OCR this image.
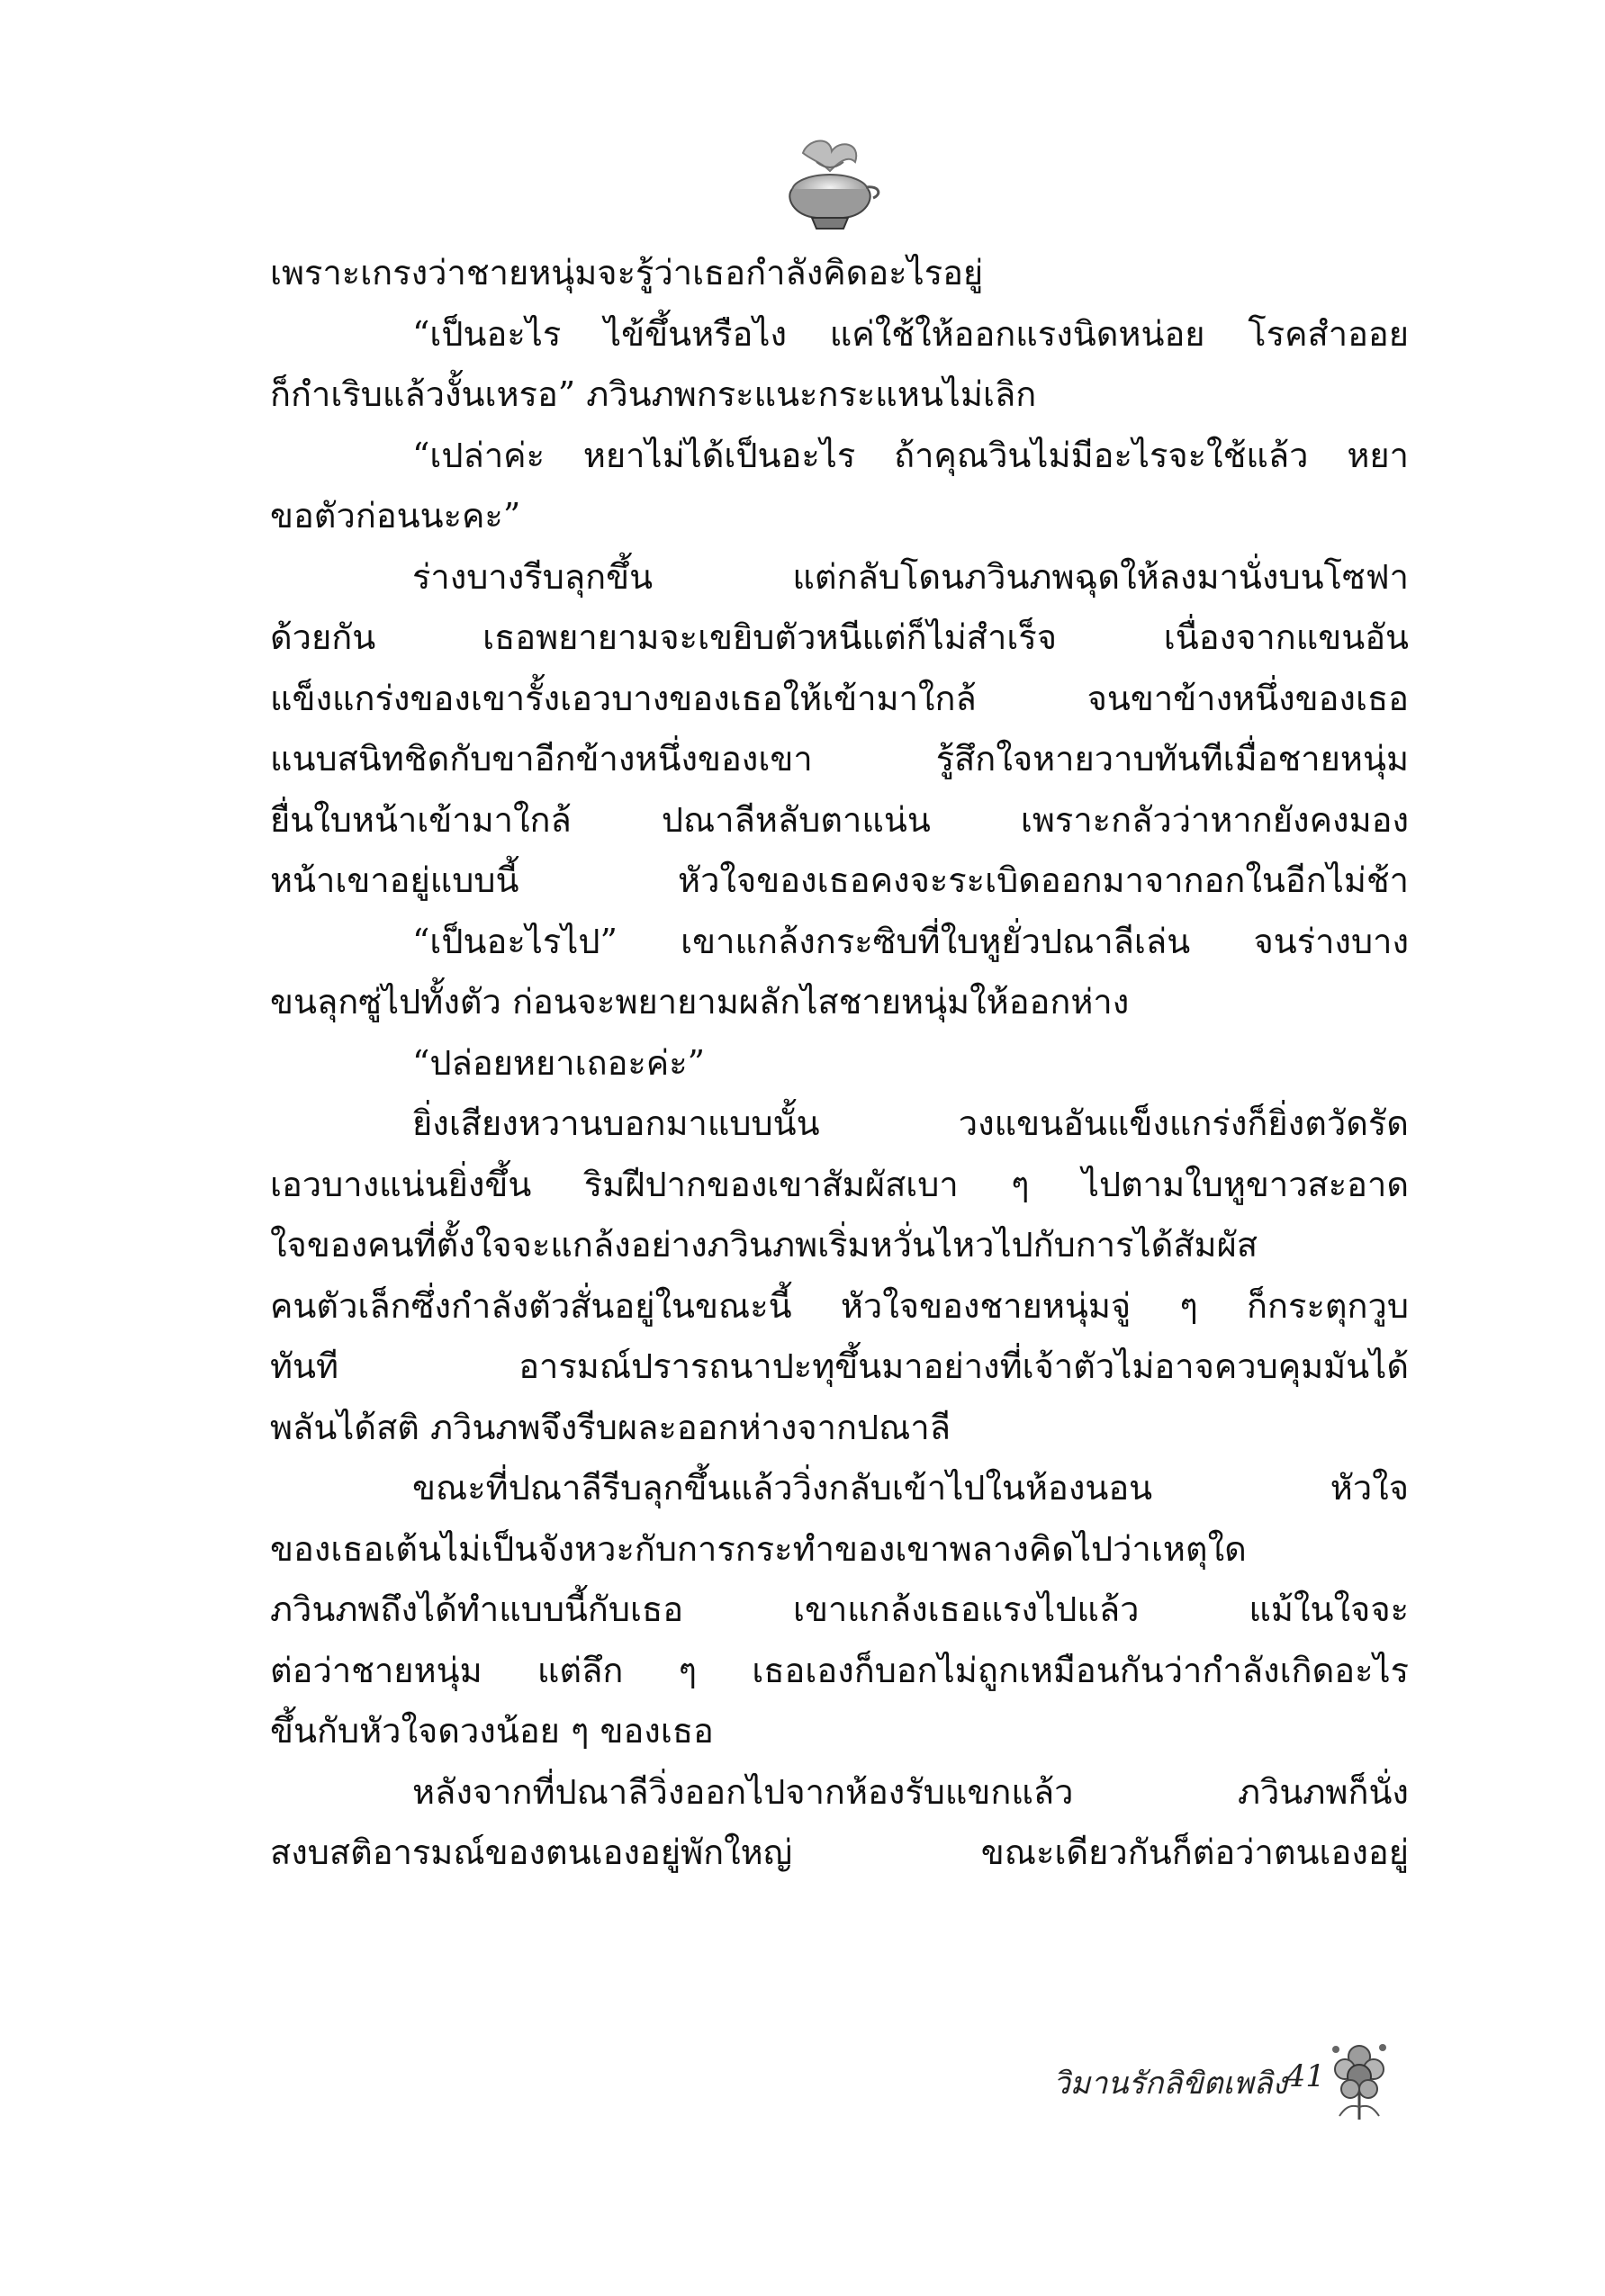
เพราะเกรงว่าชายหนุ่มจะรู้ว่าเธอกำลังคิดอะไรอยู่
“เป็นอะไร ไข้ขึ้นหรือไง แค่ใช้ให้ออกแรงนิดหน่อย โรคสำออย
ก็กำเริบแล้วงั้นเหรอ” ภวินภพกระแนะกระแหนไม่เลิก
“เปล่าค่ะ หยาไม่ได้เป็นอะไร ถ้าคุณวินไม่มีอะไรจะใช้แล้ว หยา
ขอตัวก่อนนะคะ”
ร่างบางรีบลุกขึ้น แต่กลับโดนภวินภพฉุดให้ลงมานั่งบนโซฟา
ด้วยกัน เธอพยายามจะเขยิบตัวหนีแต่ก็ไม่สำเร็จ เนื่องจากแขนอัน
แข็งแกร่งของเขารั้งเอวบางของเธอให้เข้ามาใกล้ จนขาข้างหนึ่งของเธอ
แนบสนิทชิดกับขาอีกข้างหนึ่งของเขา รู้สึกใจหายวาบทันทีเมื่อชายหนุ่ม
ยื่นใบหน้าเข้ามาใกล้ ปณาลีหลับตาแน่น เพราะกลัวว่าหากยังคงมอง
หน้าเขาอยู่แบบนี้ หัวใจของเธอคงจะระเบิดออกมาจากอกในอีกไม่ช้า
“เป็นอะไรไป” เขาแกล้งกระซิบที่ใบหูยั่วปณาลีเล่น จนร่างบาง
ขนลุกซู่ไปทั้งตัว ก่อนจะพยายามผลักไสชายหนุ่มให้ออกห่าง
“ปล่อยหยาเถอะค่ะ”
ยิ่งเสียงหวานบอกมาแบบนั้น วงแขนอันแข็งแกร่งก็ยิ่งตวัดรัด
เอวบางแน่นยิ่งขึ้น ริมฝีปากของเขาสัมผัสเบา ๆ ไปตามใบหูขาวสะอาด
ใจของคนที่ตั้งใจจะแกล้งอย่างภวินภพเริ่มหวั่นไหวไปกับการได้สัมผัส
คนตัวเล็กซึ่งกำลังตัวสั่นอยู่ในขณะนี้ หัวใจของชายหนุ่มจู่ ๆ ก็กระตุกวูบ
ทันที อารมณ์ปรารถนาปะทุขึ้นมาอย่างที่เจ้าตัวไม่อาจควบคุมมันได้
พลันได้สติ ภวินภพจึงรีบผละออกห่างจากปณาลี
ขณะที่ปณาลีรีบลุกขึ้นแล้ววิ่งกลับเข้าไปในห้องนอน หัวใจ
ของเธอเต้นไม่เป็นจังหวะกับการกระทำของเขาพลางคิดไปว่าเหตุใด
ภวินภพถึงได้ทำแบบนี้กับเธอ เขาแกล้งเธอแรงไปแล้ว แม้ในใจจะ
ต่อว่าชายหนุ่ม แต่ลึก ๆ เธอเองก็บอกไม่ถูกเหมือนกันว่ากำลังเกิดอะไร
ขึ้นกับหัวใจดวงน้อย ๆ ของเธอ
หลังจากที่ปณาลีวิ่งออกไปจากห้องรับแขกแล้ว ภวินภพก็นั่ง
สงบสติอารมณ์ของตนเองอยู่พักใหญ่ ขณะเดียวกันก็ต่อว่าตนเองอยู่
วิมานรักลิขิตเพลิง
41
